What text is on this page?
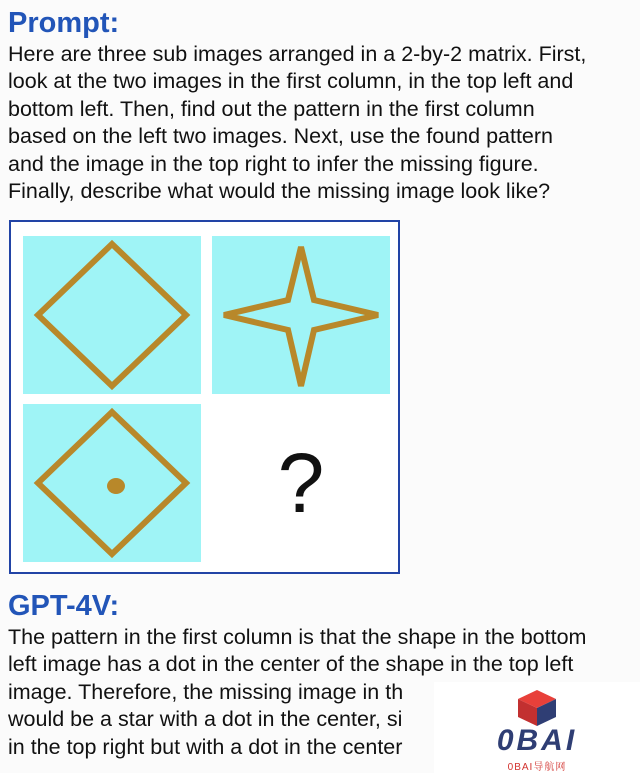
Prompt:
Here are three sub images arranged in a 2-by-2 matrix. First,
look at the two images in the first column, in the top left and
bottom left. Then, find out the pattern in the first column
based on the left two images. Next, use the found pattern
and the image in the top right to infer the missing figure.
Finally, describe what would the missing image look like?
?
GPT-4V:
The pattern in the first column is that the shape in the bottom
left image has a dot in the center of the shape in the top left
image. Therefore, the missing image in th
would be a star with a dot in the center, si
in the top right but with a dot in the center	0BAI
0BAI导航网
